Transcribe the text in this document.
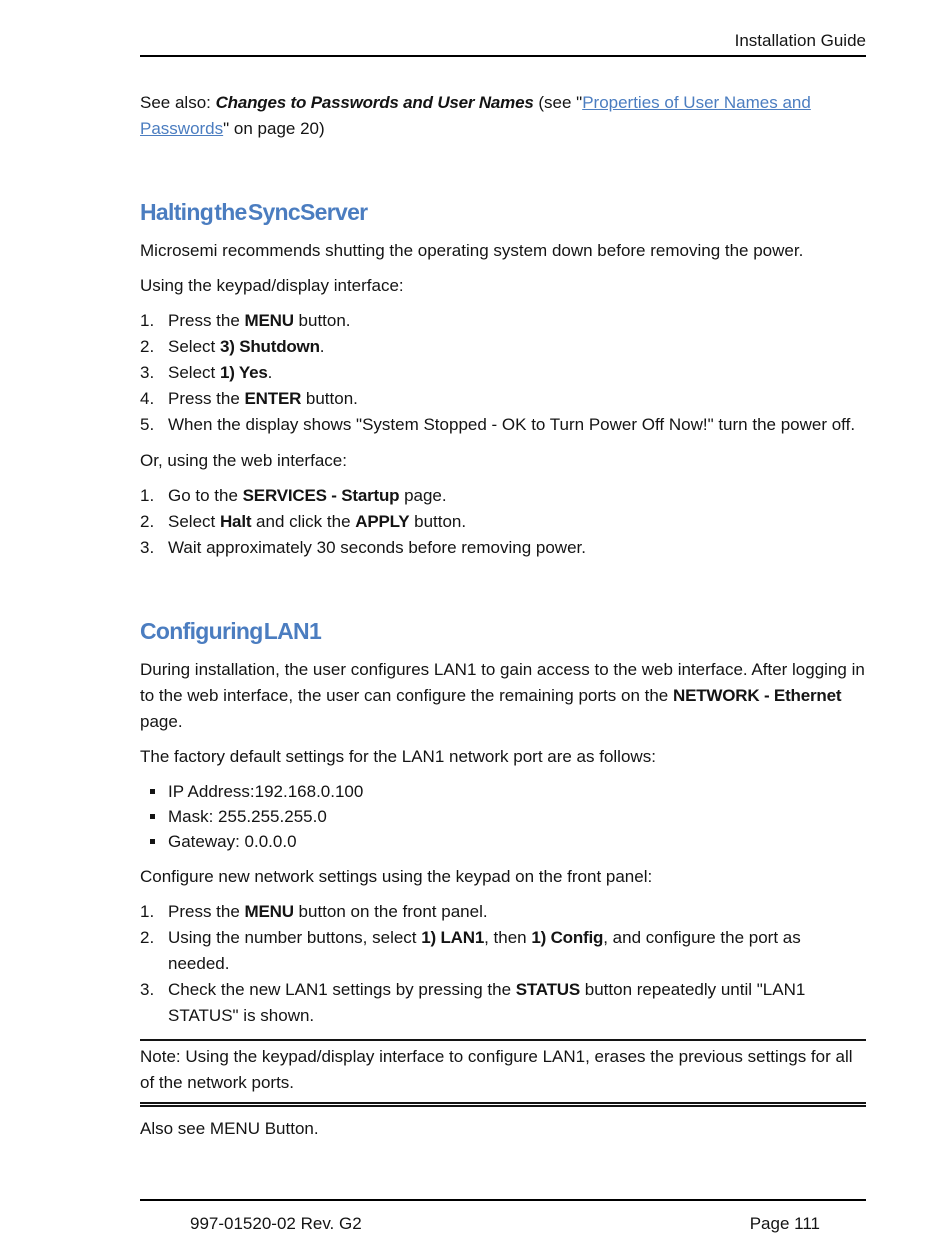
Installation Guide

See also: Changes to Passwords and User Names (see "Properties of User Names and Passwords" on page 20)

Halting the SyncServer

Microsemi recommends shutting the operating system down before removing the power.

Using the keypad/display interface:

1. Press the MENU button.
2. Select 3) Shutdown.
3. Select 1) Yes.
4. Press the ENTER button.
5. When the display shows "System Stopped - OK to Turn Power Off Now!" turn the power off.

Or, using the web interface:

1. Go to the SERVICES - Startup page.
2. Select Halt and click the APPLY button.
3. Wait approximately 30 seconds before removing power.
Configuring LAN1

During installation, the user configures LAN1 to gain access to the web interface. After logging in to the web interface, the user can configure the remaining ports on the NETWORK - Ethernet page.

The factory default settings for the LAN1 network port are as follows:

IP Address:192.168.0.100
Mask: 255.255.255.0
Gateway: 0.0.0.0

Configure new network settings using the keypad on the front panel:

1. Press the MENU button on the front panel.
2. Using the number buttons, select 1) LAN1, then 1) Config, and configure the port as needed.
3. Check the new LAN1 settings by pressing the STATUS button repeatedly until "LAN1 STATUS" is shown.
Note: Using the keypad/display interface to configure LAN1, erases the previous settings for all of the network ports.

Also see MENU Button.

997-01520-02 Rev. G2	Page 111
